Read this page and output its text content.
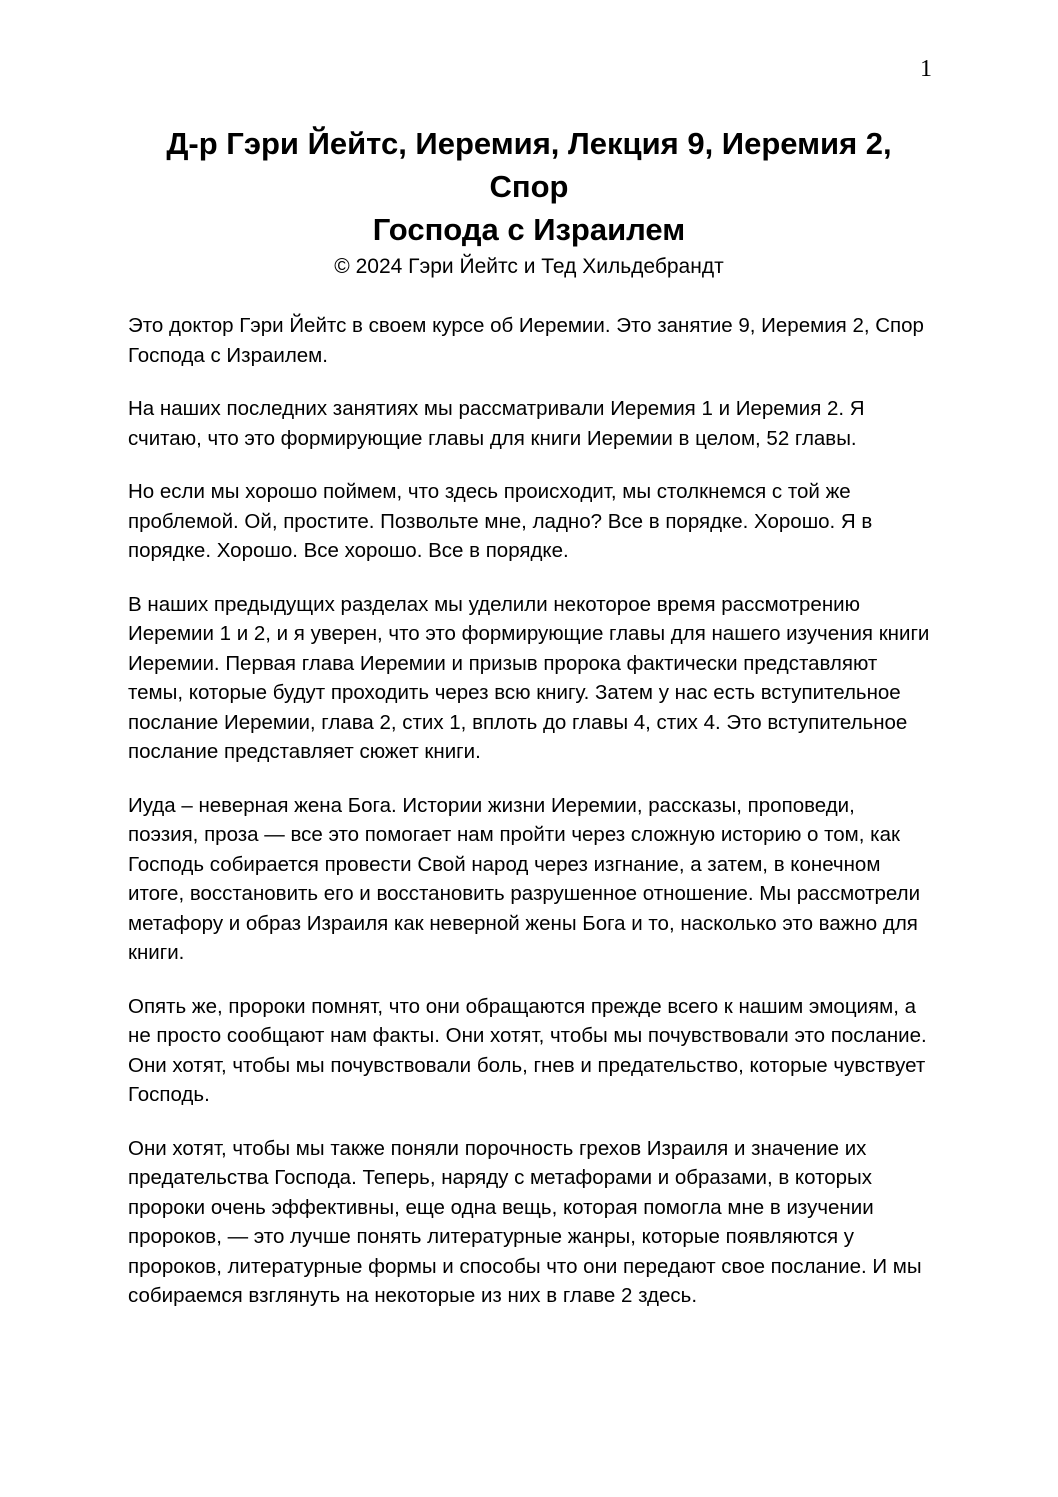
1
Д-р Гэри Йейтс, Иеремия, Лекция 9, Иеремия 2,
Спор
Господа с Израилем

© 2024 Гэри Йейтс и Тед Хильдебрандт

Это доктор Гэри Йейтс в своем курсе об Иеремии. Это занятие 9, Иеремия 2, Спор Господа с Израилем.

На наших последних занятиях мы рассматривали Иеремия 1 и Иеремия 2. Я считаю, что это формирующие главы для книги Иеремии в целом, 52 главы.

Но если мы хорошо поймем, что здесь происходит, мы столкнемся с той же проблемой. Ой, простите. Позвольте мне, ладно? Все в порядке. Хорошо. Я в порядке. Хорошо. Все хорошо. Все в порядке.

В наших предыдущих разделах мы уделили некоторое время рассмотрению Иеремии 1 и 2, и я уверен, что это формирующие главы для нашего изучения книги Иеремии. Первая глава Иеремии и призыв пророка фактически представляют темы, которые будут проходить через всю книгу. Затем у нас есть вступительное послание Иеремии, глава 2, стих 1, вплоть до главы 4, стих 4. Это вступительное послание представляет сюжет книги.

Иуда – неверная жена Бога. Истории жизни Иеремии, рассказы, проповеди, поэзия, проза — все это помогает нам пройти через сложную историю о том, как Господь собирается провести Свой народ через изгнание, а затем, в конечном итоге, восстановить его и восстановить разрушенное отношение. Мы рассмотрели метафору и образ Израиля как неверной жены Бога и то, насколько это важно для книги.

Опять же, пророки помнят, что они обращаются прежде всего к нашим эмоциям, а не просто сообщают нам факты. Они хотят, чтобы мы почувствовали это послание. Они хотят, чтобы мы почувствовали боль, гнев и предательство, которые чувствует Господь.

Они хотят, чтобы мы также поняли порочность грехов Израиля и значение их предательства Господа. Теперь, наряду с метафорами и образами, в которых пророки очень эффективны, еще одна вещь, которая помогла мне в изучении пророков, — это лучше понять литературные жанры, которые появляются у пророков, литературные формы и способы что они передают свое послание. И мы собираемся взглянуть на некоторые из них в главе 2 здесь.
